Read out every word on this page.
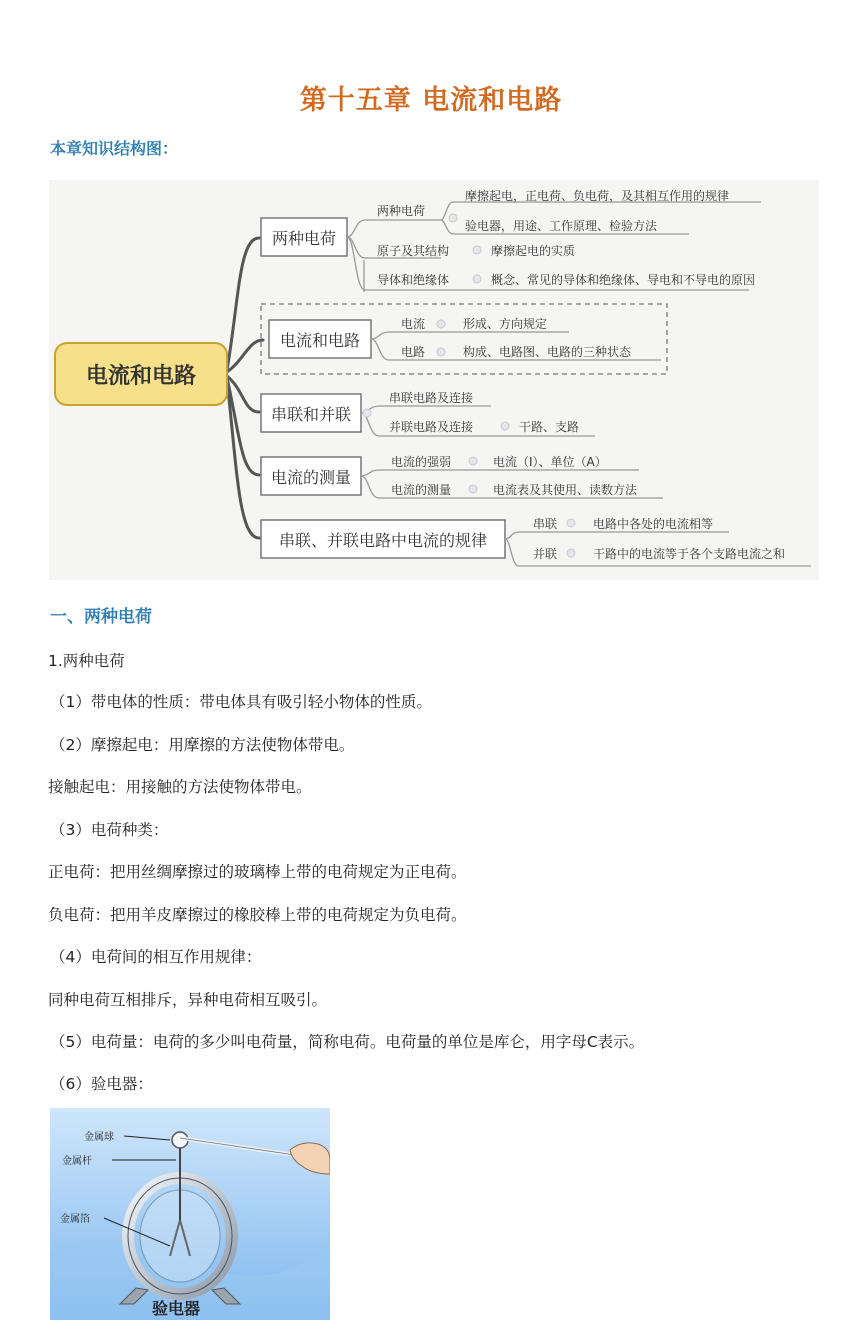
第十五章 电流和电路
本章知识结构图：
电流和电路
两种电荷
两种电荷
摩擦起电，正电荷、负电荷，及其相互作用的规律
验电器，用途、工作原理、检验方法
原子及其结构	摩擦起电的实质
导体和绝缘体	概念、常见的导体和绝缘体、导电和不导电的原因
电流和电路
电流	形成、方向规定
电路	构成、电路图、电路的三种状态
串联和并联
串联电路及连接
并联电路及连接	干路、支路
电流的测量
电流的强弱	电流（I）、单位（A）
电流的测量	电流表及其使用、读数方法
串联、并联电路中电流的规律
串联	电路中各处的电流相等
并联	干路中的电流等于各个支路电流之和
一、两种电荷
1.两种电荷
（1）带电体的性质：带电体具有吸引轻小物体的性质。
（2）摩擦起电：用摩擦的方法使物体带电。
接触起电：用接触的方法使物体带电。
（3）电荷种类：
正电荷：把用丝绸摩擦过的玻璃棒上带的电荷规定为正电荷。
负电荷：把用羊皮摩擦过的橡胶棒上带的电荷规定为负电荷。
（4）电荷间的相互作用规律：
同种电荷互相排斥，异种电荷相互吸引。
（5）电荷量：电荷的多少叫电荷量，简称电荷。电荷量的单位是库仑，用字母C表示。
（6）验电器：
金属球
金属杆
金属箔
验电器
